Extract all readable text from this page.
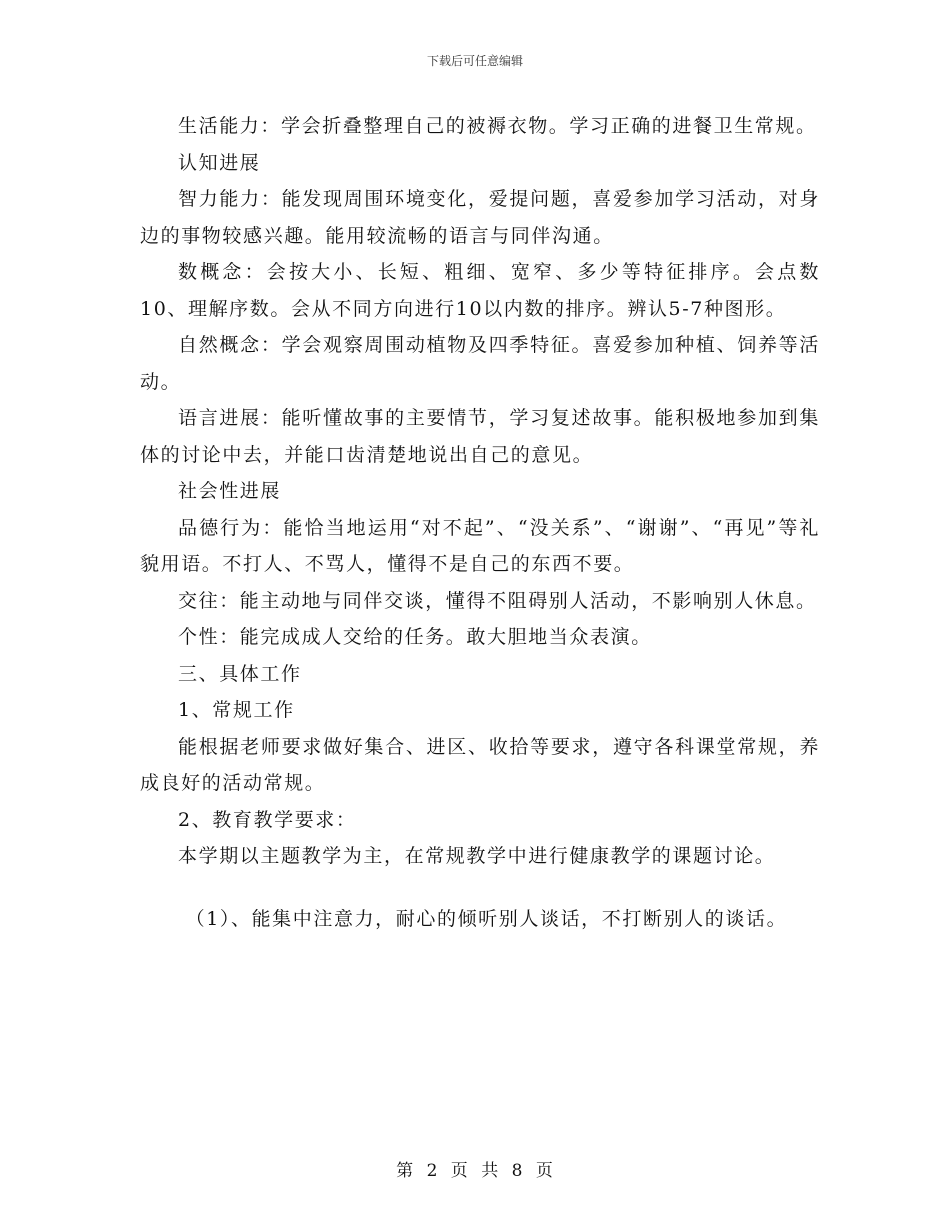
下载后可任意编辑

生活能力：学会折叠整理自己的被褥衣物。学习正确的进餐卫生常规。

认知进展

智力能力：能发现周围环境变化，爱提问题，喜爱参加学习活动，对身边的事物较感兴趣。能用较流畅的语言与同伴沟通。

数概念：会按大小、长短、粗细、宽窄、多少等特征排序。会点数10、理解序数。会从不同方向进行10以内数的排序。辨认5-7种图形。

自然概念：学会观察周围动植物及四季特征。喜爱参加种植、饲养等活动。

语言进展：能听懂故事的主要情节，学习复述故事。能积极地参加到集体的讨论中去，并能口齿清楚地说出自己的意见。

社会性进展

品德行为：能恰当地运用“对不起”、“没关系”、“谢谢”、“再见”等礼貌用语。不打人、不骂人，懂得不是自己的东西不要。

交往：能主动地与同伴交谈，懂得不阻碍别人活动，不影响别人休息。

个性：能完成成人交给的任务。敢大胆地当众表演。

三、具体工作

1、常规工作

能根据老师要求做好集合、进区、收拾等要求，遵守各科课堂常规，养成良好的活动常规。

2、教育教学要求：

本学期以主题教学为主，在常规教学中进行健康教学的课题讨论。

（1）、能集中注意力，耐心的倾听别人谈话，不打断别人的谈话。

第 2 页 共 8 页
